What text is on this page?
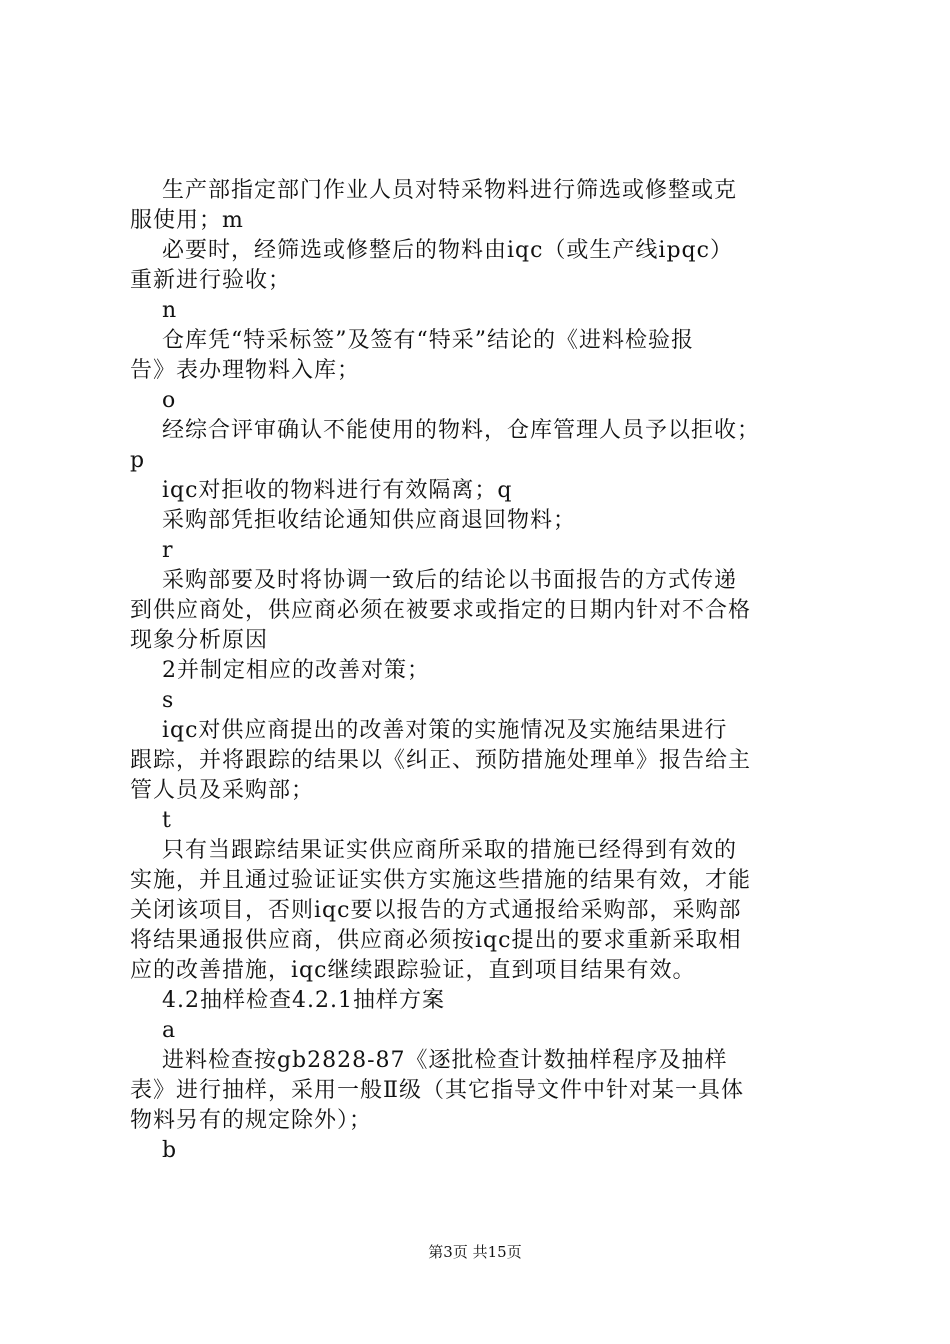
生产部指定部门作业人员对特采物料进行筛选或修整或克
服使用；m
必要时，经筛选或修整后的物料由iqc（或生产线ipqc）
重新进行验收；
n
仓库凭“特采标签”及签有“特采”结论的《进料检验报
告》表办理物料入库；
o
经综合评审确认不能使用的物料，仓库管理人员予以拒收；
p
iqc对拒收的物料进行有效隔离；q
采购部凭拒收结论通知供应商退回物料；
r
采购部要及时将协调一致后的结论以书面报告的方式传递
到供应商处，供应商必须在被要求或指定的日期内针对不合格
现象分析原因
2并制定相应的改善对策；
s
iqc对供应商提出的改善对策的实施情况及实施结果进行
跟踪，并将跟踪的结果以《纠正、预防措施处理单》报告给主
管人员及采购部；
t
只有当跟踪结果证实供应商所采取的措施已经得到有效的
实施，并且通过验证证实供方实施这些措施的结果有效，才能
关闭该项目，否则iqc要以报告的方式通报给采购部，采购部
将结果通报供应商，供应商必须按iqc提出的要求重新采取相
应的改善措施，iqc继续跟踪验证，直到项目结果有效。
4.2抽样检查4.2.1抽样方案
a
进料检查按gb2828-87《逐批检查计数抽样程序及抽样
表》进行抽样，采用一般Ⅱ级（其它指导文件中针对某一具体
物料另有的规定除外）；
b
第3页 共15页
